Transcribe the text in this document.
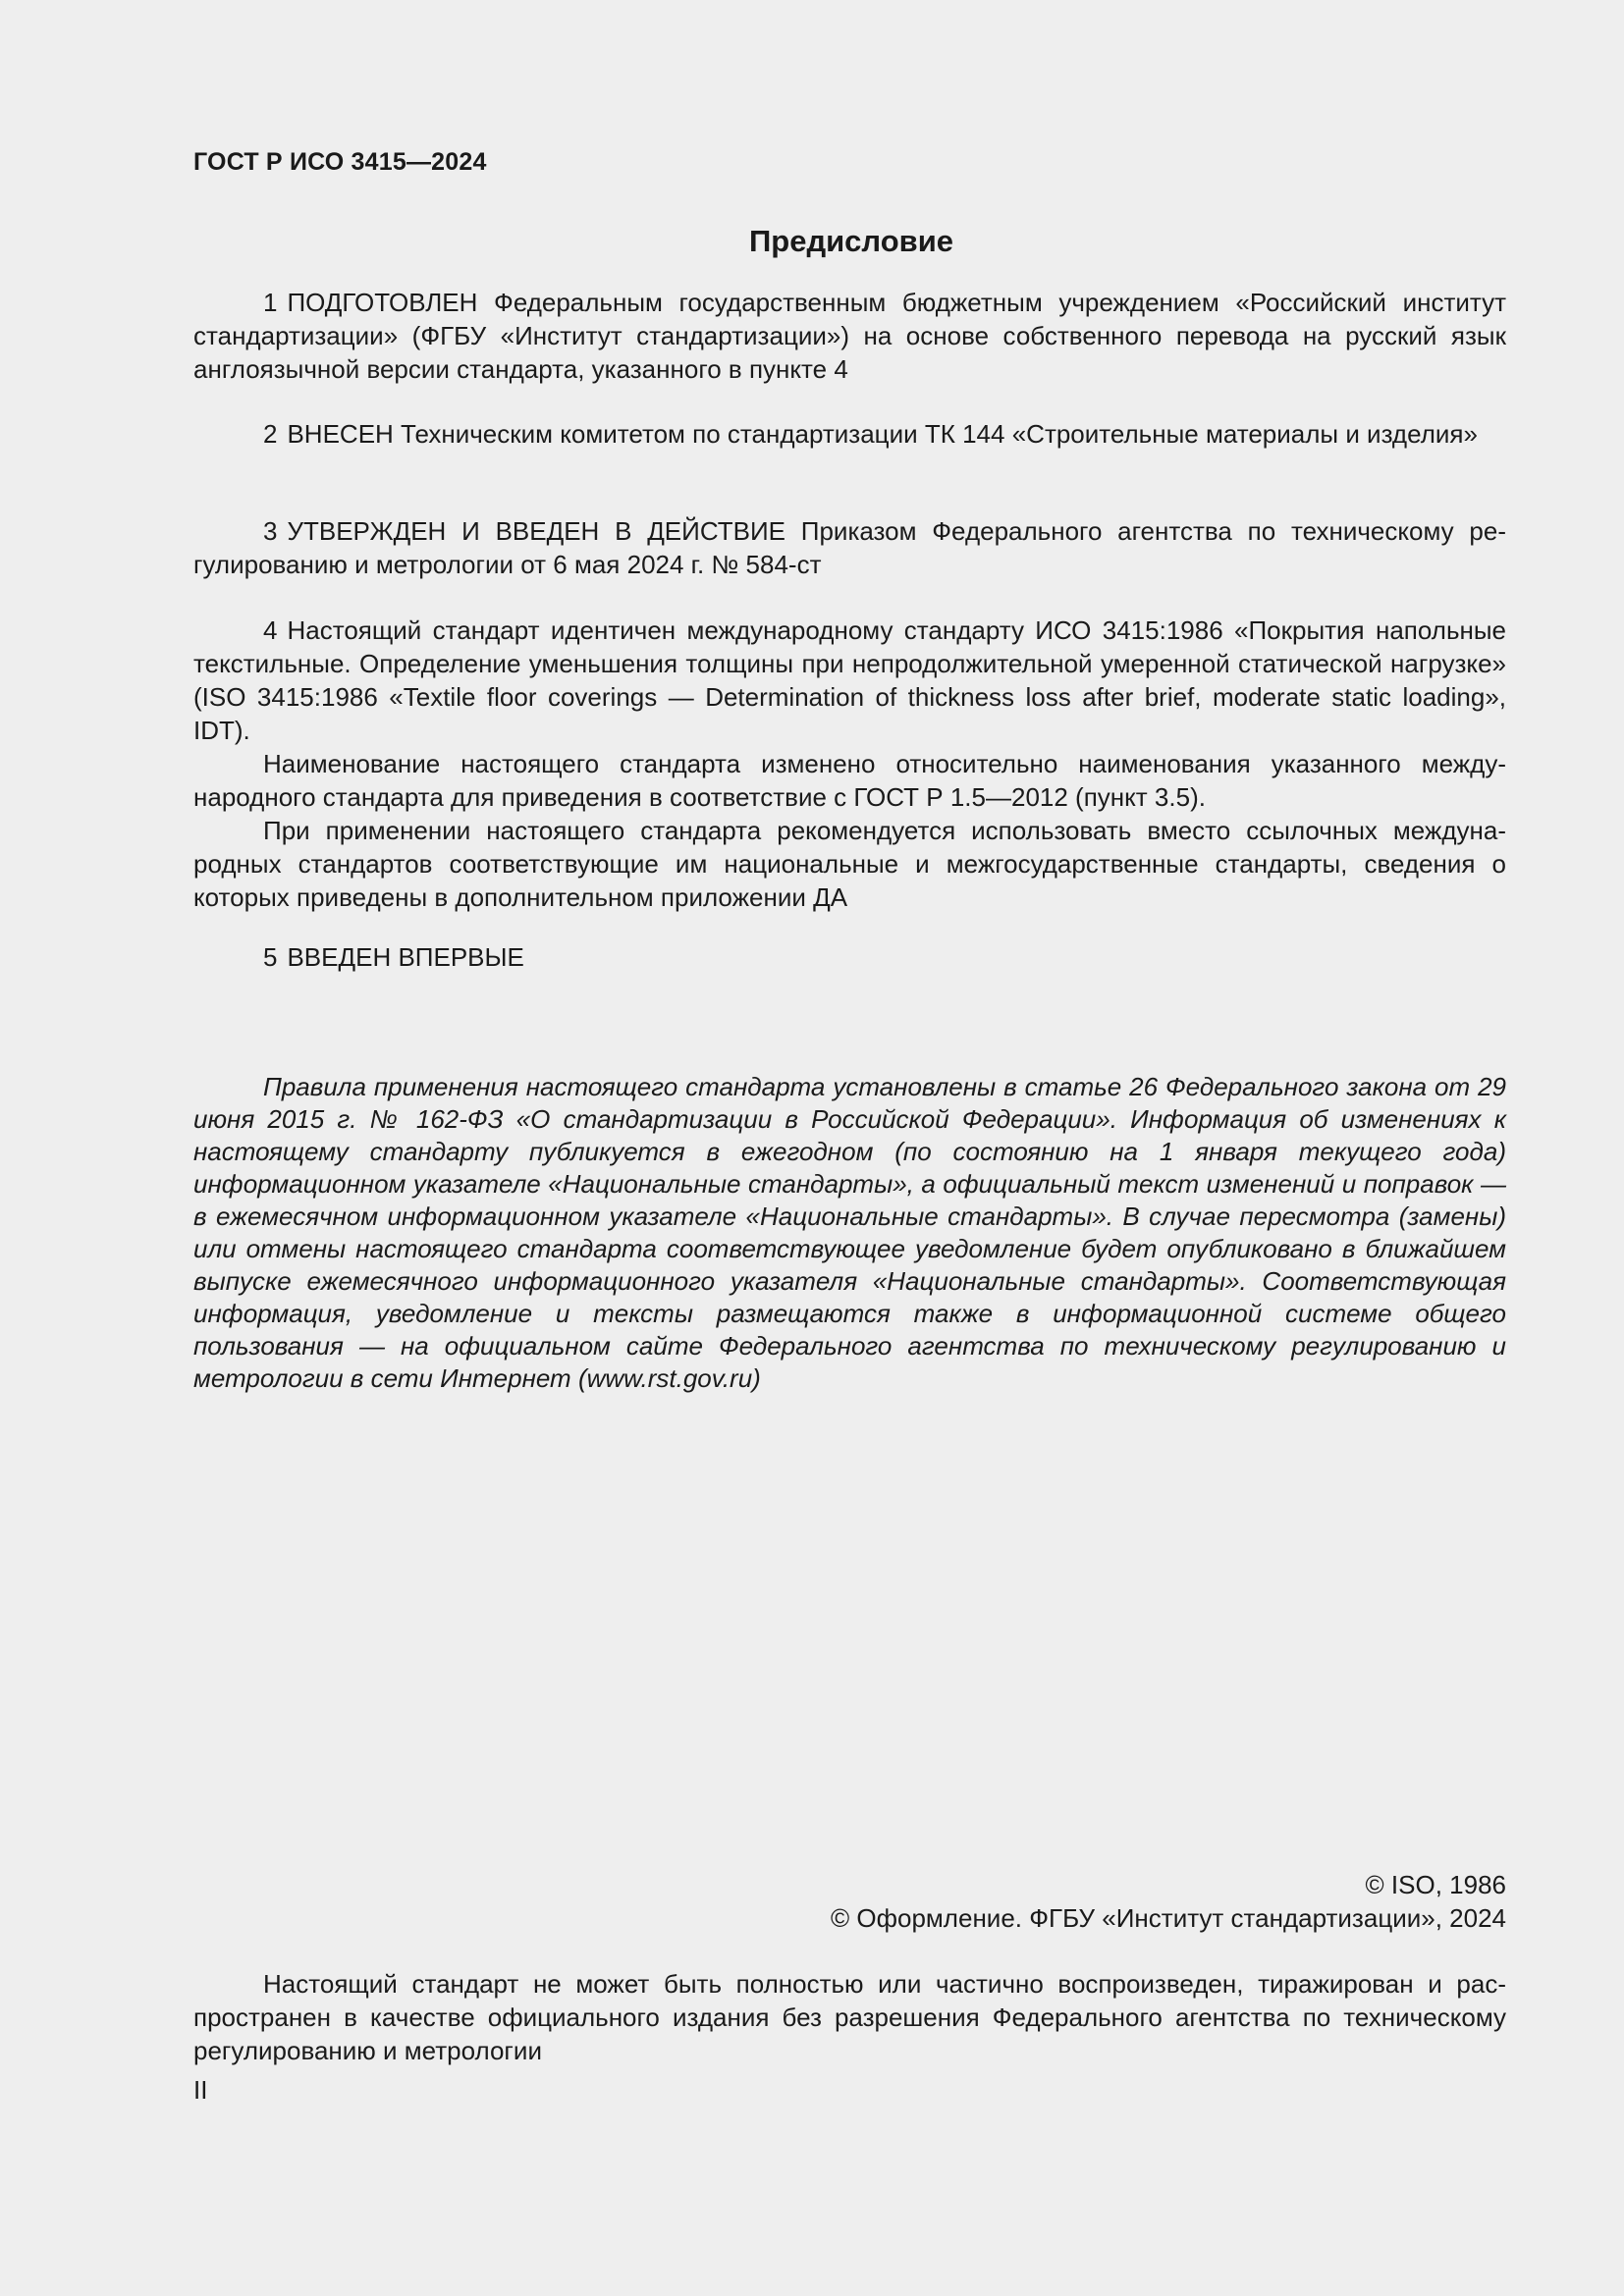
ГОСТ Р ИСО 3415—2024
Предисловие

1 ПОДГОТОВЛЕН Федеральным государственным бюджетным учреждением «Российский институт стандартизации» (ФГБУ «Институт стандартизации») на основе собственного перевода на русский язык англоязычной версии стандарта, указанного в пункте 4

2 ВНЕСЕН Техническим комитетом по стандартизации ТК 144 «Строительные материалы и изделия»

3 УТВЕРЖДЕН И ВВЕДЕН В ДЕЙСТВИЕ Приказом Федерального агентства по техническому регулированию и метрологии от 6 мая 2024 г. № 584-ст

4 Настоящий стандарт идентичен международному стандарту ИСО 3415:1986 «Покрытия напольные текстильные. Определение уменьшения толщины при непродолжительной умеренной статической нагрузке» (ISO 3415:1986 «Textile floor coverings — Determination of thickness loss after brief, moderate static loading», IDT).

Наименование настоящего стандарта изменено относительно наименования указанного международного стандарта для приведения в соответствие с ГОСТ Р 1.5—2012 (пункт 3.5).

При применении настоящего стандарта рекомендуется использовать вместо ссылочных международных стандартов соответствующие им национальные и межгосударственные стандарты, сведения о которых приведены в дополнительном приложении ДА

5 ВВЕДЕН ВПЕРВЫЕ

Правила применения настоящего стандарта установлены в статье 26 Федерального закона от 29 июня 2015 г. № 162-ФЗ «О стандартизации в Российской Федерации». Информация об изменениях к настоящему стандарту публикуется в ежегодном (по состоянию на 1 января текущего года) информационном указателе «Национальные стандарты», а официальный текст изменений и поправок — в ежемесячном информационном указателе «Национальные стандарты». В случае пересмотра (замены) или отмены настоящего стандарта соответствующее уведомление будет опубликовано в ближайшем выпуске ежемесячного информационного указателя «Национальные стандарты». Соответствующая информация, уведомление и тексты размещаются также в информационной системе общего пользования — на официальном сайте Федерального агентства по техническому регулированию и метрологии в сети Интернет (www.rst.gov.ru)

© ISO, 1986
© Оформление. ФГБУ «Институт стандартизации», 2024

Настоящий стандарт не может быть полностью или частично воспроизведен, тиражирован и распространен в качестве официального издания без разрешения Федерального агентства по техническому регулированию и метрологии

II
